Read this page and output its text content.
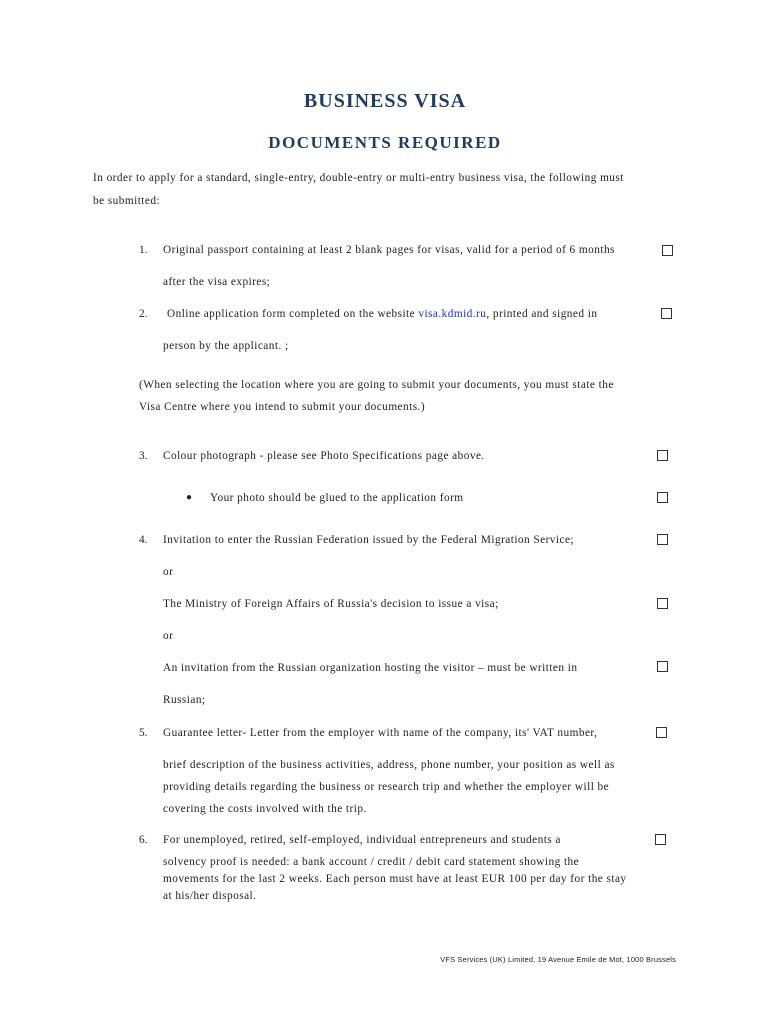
BUSINESS VISA
DOCUMENTS REQUIRED
In order to apply for a standard, single-entry, double-entry or multi-entry business visa, the following must
be submitted:
1. Original passport containing at least 2 blank pages for visas, valid for a period of 6 months
after the visa expires;
2. Online application form completed on the website visa.kdmid.ru, printed and signed in
person by the applicant. ;
(When selecting the location where you are going to submit your documents, you must state the
Visa Centre where you intend to submit your documents.)
3. Colour photograph - please see Photo Specifications page above.
● Your photo should be glued to the application form
4. Invitation to enter the Russian Federation issued by the Federal Migration Service;
or
The Ministry of Foreign Affairs of Russia's decision to issue a visa;
or
An invitation from the Russian organization hosting the visitor – must be written in
Russian;
5. Guarantee letter- Letter from the employer with name of the company, its' VAT number,
brief description of the business activities, address, phone number, your position as well as
providing details regarding the business or research trip and whether the employer will be
covering the costs involved with the trip.
6. For unemployed, retired, self-employed, individual entrepreneurs and students a
solvency proof is needed: a bank account / credit / debit card statement showing the
movements for the last 2 weeks. Each person must have at least EUR 100 per day for the stay
at his/her disposal.
VFS Services (UK) Limited, 19 Avenue Emile de Mot, 1000 Brussels
